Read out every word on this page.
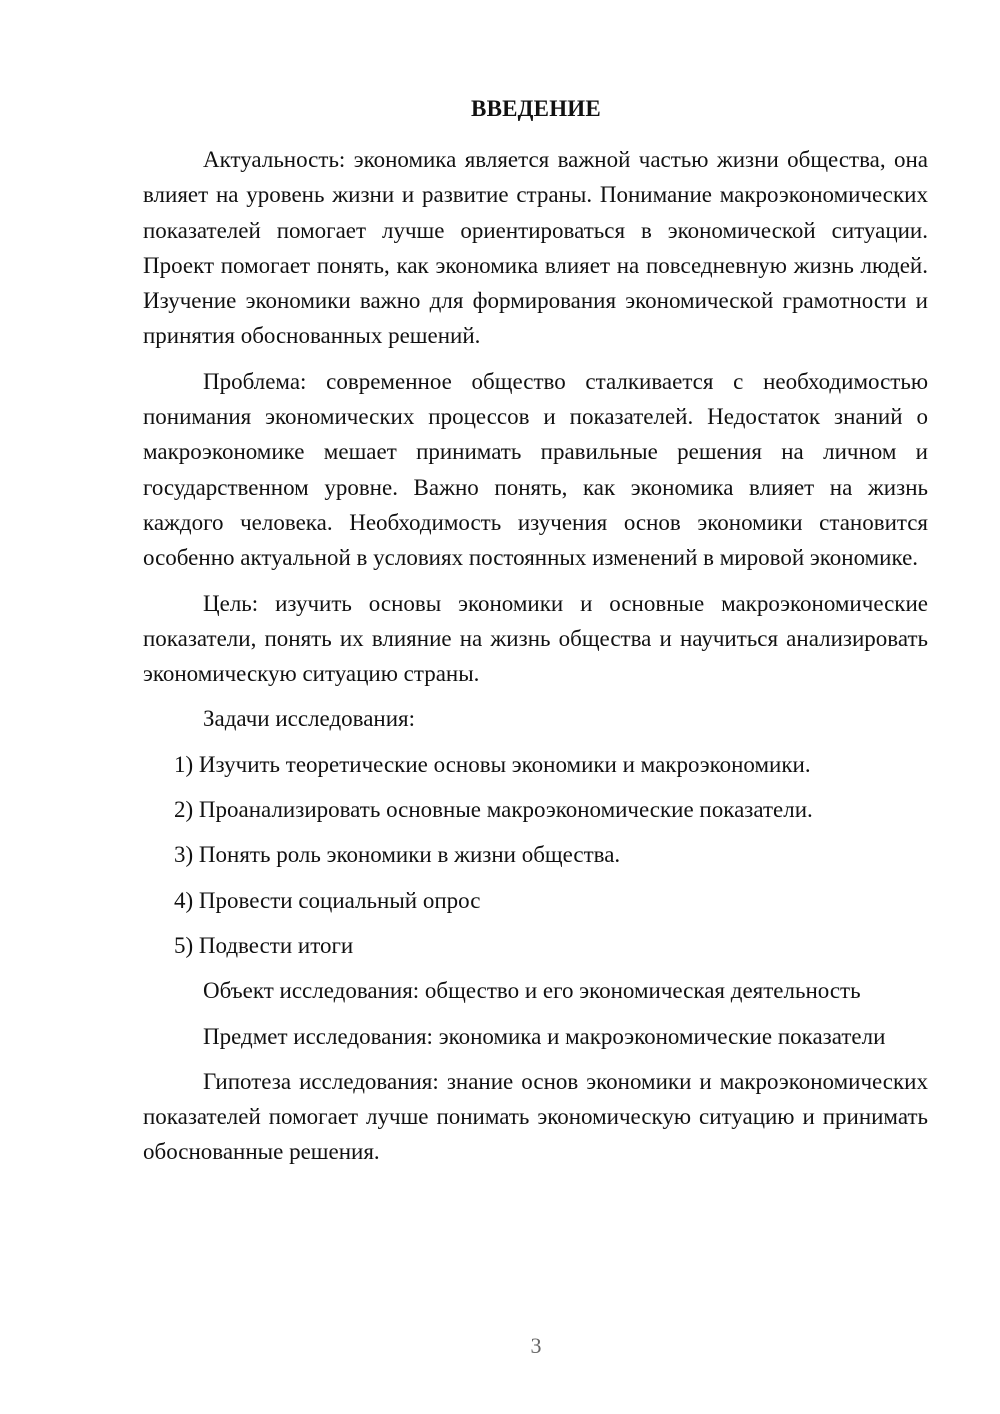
ВВЕДЕНИЕ

Актуальность: экономика является важной частью жизни общества, она влияет на уровень жизни и развитие страны. Понимание макроэкономических показателей помогает лучше ориентироваться в экономической ситуации. Проект помогает понять, как экономика влияет на повседневную жизнь людей. Изучение экономики важно для формирования экономической грамотности и принятия обоснованных решений.

Проблема: современное общество сталкивается с необходимостью понимания экономических процессов и показателей. Недостаток знаний о макроэкономике мешает принимать правильные решения на личном и государственном уровне. Важно понять, как экономика влияет на жизнь каждого человека. Необходимость изучения основ экономики становится особенно актуальной в условиях постоянных изменений в мировой экономике.

Цель: изучить основы экономики и основные макроэкономические показатели, понять их влияние на жизнь общества и научиться анализировать экономическую ситуацию страны.

Задачи исследования:

1) Изучить теоретические основы экономики и макроэкономики.
2) Проанализировать основные макроэкономические показатели.
3) Понять роль экономики в жизни общества.
4) Провести социальный опрос
5) Подвести итоги

Объект исследования: общество и его экономическая деятельность

Предмет исследования: экономика и макроэкономические показатели

Гипотеза исследования: знание основ экономики и макроэкономических показателей помогает лучше понимать экономическую ситуацию и принимать обоснованные решения.

3
